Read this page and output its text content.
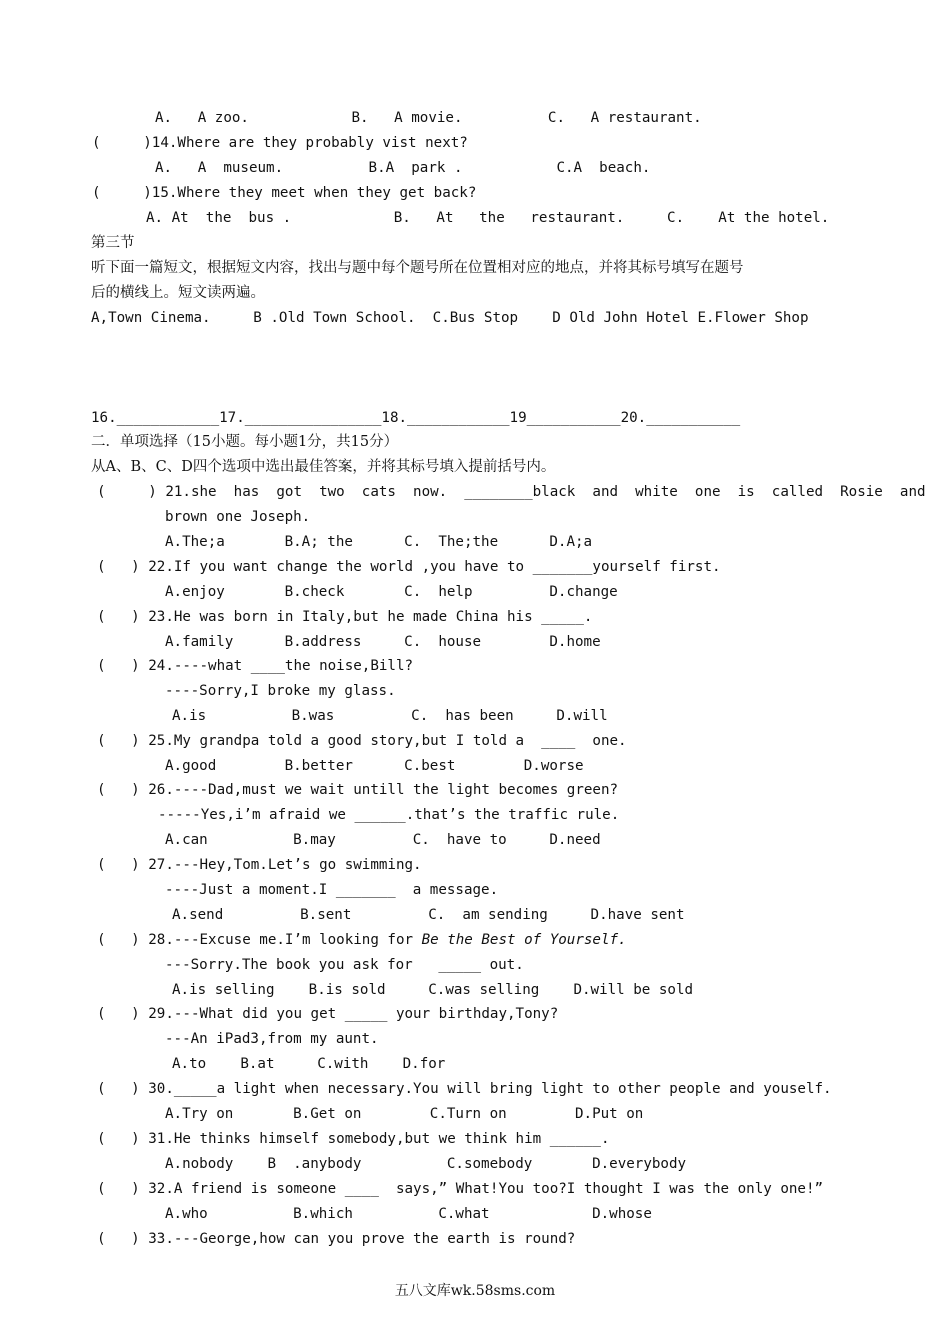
A.   A zoo.            B.   A movie.          C.   A restaurant.
(     )14.Where are they probably vist next?
A.   A  museum.          B.A  park .           C.A  beach.
(     )15.Where they meet when they get back?
A. At  the  bus .            B.   At   the   restaurant.     C.    At the hotel.
第三节
听下面一篇短文，根据短文内容，找出与题中每个题号所在位置相对应的地点，并将其标号填写在题号
后的横线上。短文读两遍。
A,Town Cinema.     B .Old Town School.  C.Bus Stop    D Old John Hotel E.Flower Shop
16.____________17.________________18.____________19___________20.___________
二．单项选择（15小题。每小题1分，共15分）
从A、B、C、D四个选项中选出最佳答案，并将其标号填入提前括号内。
(     ) 21.she  has  got  two  cats  now.  ________black  and  white  one  is  called  Rosie  and
brown one Joseph.
A.The;a       B.A; the      C.  The;the      D.A;a
(   ) 22.If you want change the world ,you have to _______yourself first.
A.enjoy       B.check       C.  help         D.change
(   ) 23.He was born in Italy,but he made China his _____.
A.family      B.address     C.  house        D.home
(   ) 24.----what ____the noise,Bill?
----Sorry,I broke my glass.
A.is          B.was         C.  has been     D.will
(   ) 25.My grandpa told a good story,but I told a  ____  one.
A.good        B.better      C.best        D.worse
(   ) 26.----Dad,must we wait untill the light becomes green?
-----Yes,i’m afraid we ______.that’s the traffic rule.
A.can          B.may         C.  have to     D.need
(   ) 27.---Hey,Tom.Let’s go swimming.
----Just a moment.I _______  a message.
A.send         B.sent         C.  am sending     D.have sent
(   ) 28.---Excuse me.I’m looking for Be the Best of Yourself.
---Sorry.The book you ask for   _____ out.
A.is selling    B.is sold     C.was selling    D.will be sold
(   ) 29.---What did you get _____ your birthday,Tony?
---An iPad3,from my aunt.
A.to    B.at     C.with    D.for
(   ) 30._____a light when necessary.You will bring light to other people and youself.
A.Try on       B.Get on        C.Turn on        D.Put on
(   ) 31.He thinks himself somebody,but we think him ______.
A.nobody    B  .anybody          C.somebody       D.everybody
(   ) 32.A friend is someone ____  says,” What!You too?I thought I was the only one!”
A.who          B.which          C.what            D.whose
(   ) 33.---George,how can you prove the earth is round?
五八文库wk.58sms.com
